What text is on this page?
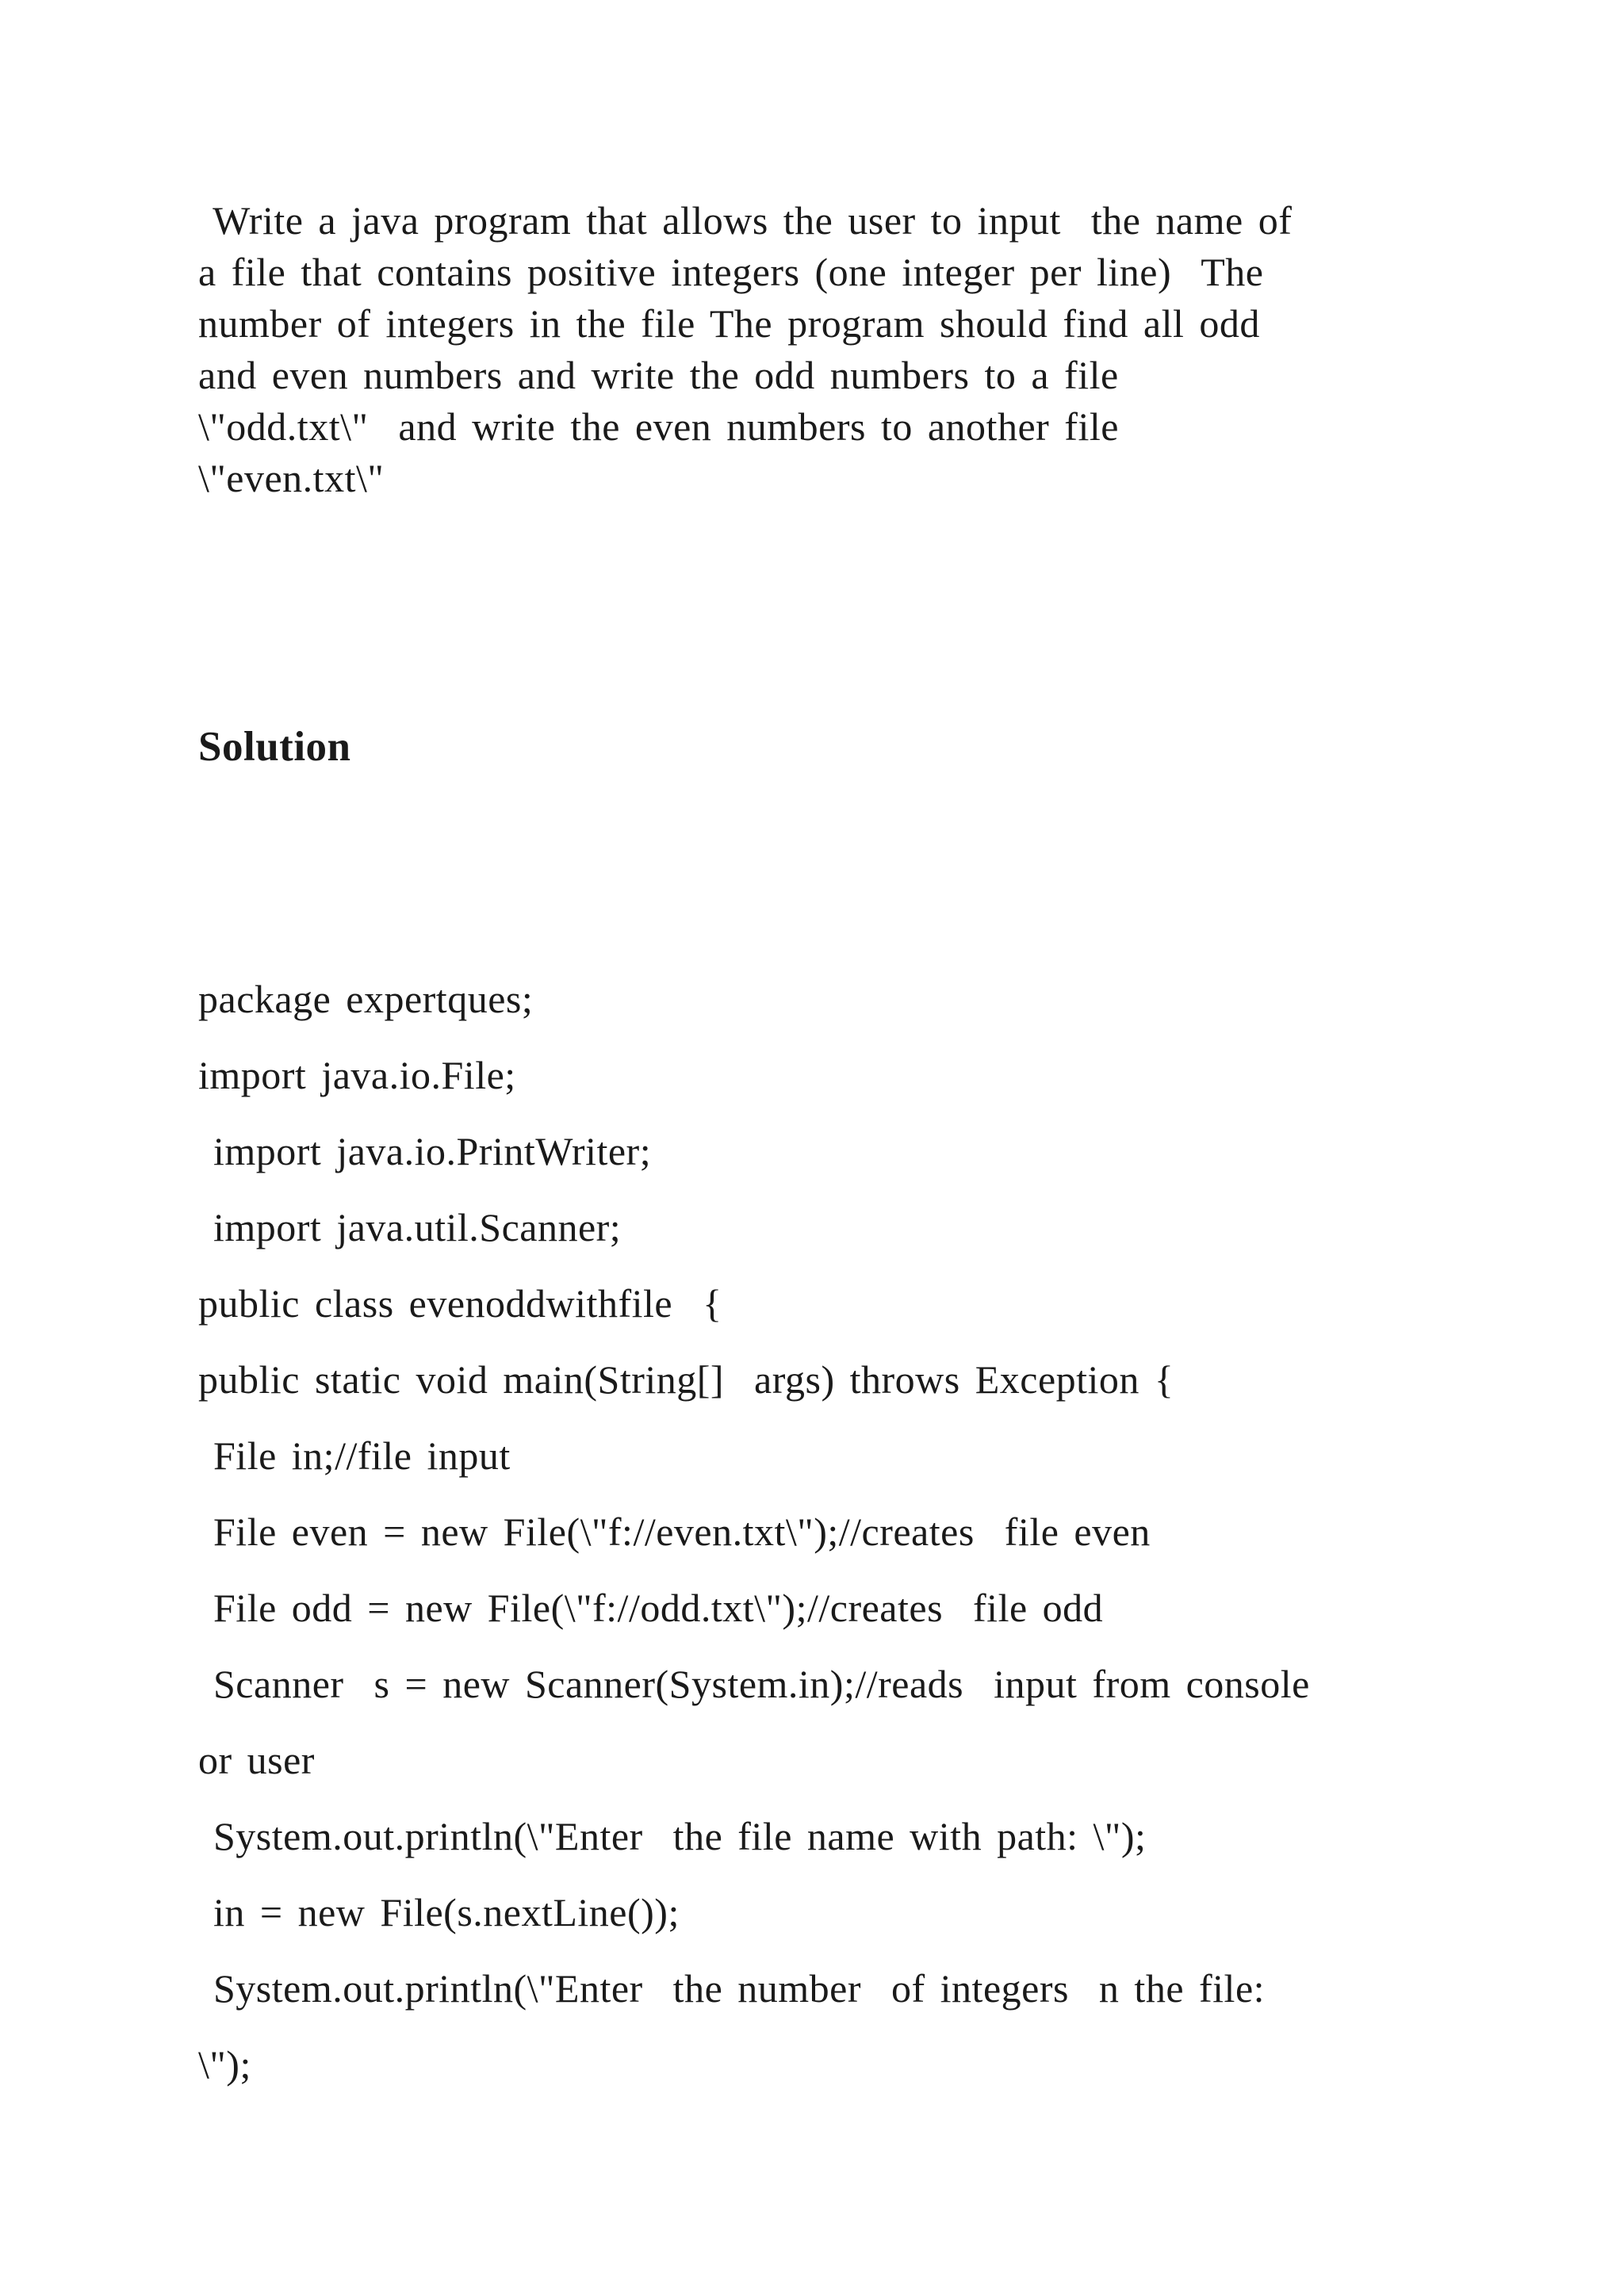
Write a java program that allows the user to input  the name of
a file that contains positive integers (one integer per line)  The
number of integers in the file The program should find all odd
and even numbers and write the odd numbers to a file
\"odd.txt\"  and write the even numbers to another file
\"even.txt\"
Solution
package expertques;
import java.io.File;
import java.io.PrintWriter;
import java.util.Scanner;
public class evenoddwithfile  {
public static void main(String[]  args) throws Exception {
File in;//file input
File even = new File(\"f://even.txt\");//creates  file even
File odd = new File(\"f://odd.txt\");//creates  file odd
Scanner  s = new Scanner(System.in);//reads  input from console
or user
System.out.println(\"Enter  the file name with path: \");
in = new File(s.nextLine());
System.out.println(\"Enter  the number  of integers  n the file:
\");
